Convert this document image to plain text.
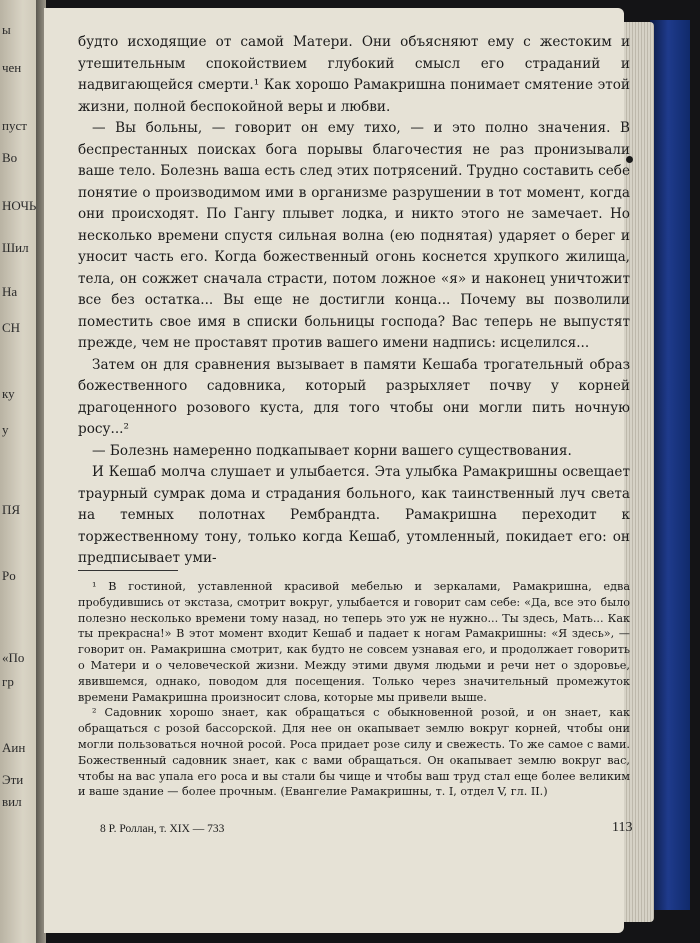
ы
чен
пуст
Во
НОЧЬ
Шил
Ha
CH
ку
y
ПЯ
Po
«По
гр
Аин
Эти
вил

будто исходящие от самой Матери. Они объясняют ему с жестоким и утешительным спокойствием глубокий смысл его страданий и надвигающейся смерти.¹ Как хорошо Рамакришна понимает смятение этой жизни, полной беспокойной веры и любви.

— Вы больны, — говорит он ему тихо, — и это полно значения. В беспрестанных поисках бога порывы благочестия не раз пронизывали ваше тело. Болезнь ваша есть след этих потрясений. Трудно составить себе понятие о производимом ими в организме разрушении в тот момент, когда они происходят. По Гангу плывет лодка, и никто этого не замечает. Но несколько времени спустя сильная волна (ею поднятая) ударяет о берег и уносит часть его. Когда божественный огонь коснется хрупкого жилища, тела, он сожжет сначала страсти, потом ложное «я» и наконец уничтожит все без остатка... Вы еще не достигли конца... Почему вы позволили поместить свое имя в списки больницы господа? Вас теперь не выпустят прежде, чем не проставят против вашего имени надпись: исцелился...

Затем он для сравнения вызывает в памяти Кешаба трогательный образ божественного садовника, который разрыхляет почву у корней драгоценного розового куста, для того чтобы они могли пить ночную росу...²

— Болезнь намеренно подкапывает корни вашего существования.

И Кешаб молча слушает и улыбается. Эта улыбка Рамакришны освещает траурный сумрак дома и страдания больного, как таинственный луч света на темных полотнах Рембрандта. Рамакришна переходит к торжественному тону, только когда Кешаб, утомленный, покидает его: он предписывает уми-

¹ В гостиной, уставленной красивой мебелью и зеркалами, Рамакришна, едва пробудившись от экстаза, смотрит вокруг, улыбается и говорит сам себе: «Да, все это было полезно несколько времени тому назад, но теперь это уж не нужно... Ты здесь, Мать... Как ты прекрасна!» В этот момент входит Кешаб и падает к ногам Рамакришны: «Я здесь», — говорит он. Рамакришна смотрит, как будто не совсем узнавая его, и продолжает говорить о Матери и о человеческой жизни. Между этими двумя людьми и речи нет о здоровье, явившемся, однако, поводом для посещения. Только через значительный промежуток времени Рамакришна произносит слова, которые мы привели выше.

² Садовник хорошо знает, как обращаться с обыкновенной розой, и он знает, как обращаться с розой бассорской. Для нее он окапывает землю вокруг корней, чтобы они могли пользоваться ночной росой. Роса придает розе силу и свежесть. То же самое с вами. Божественный садовник знает, как с вами обращаться. Он окапывает землю вокруг вас, чтобы на вас упала его роса и вы стали бы чище и чтобы ваш труд стал еще более великим и ваше здание — более прочным. (Евангелие Рамакришны, т. I, отдел V, гл. II.)

8 Р. Роллан, т. XIX — 733	113
